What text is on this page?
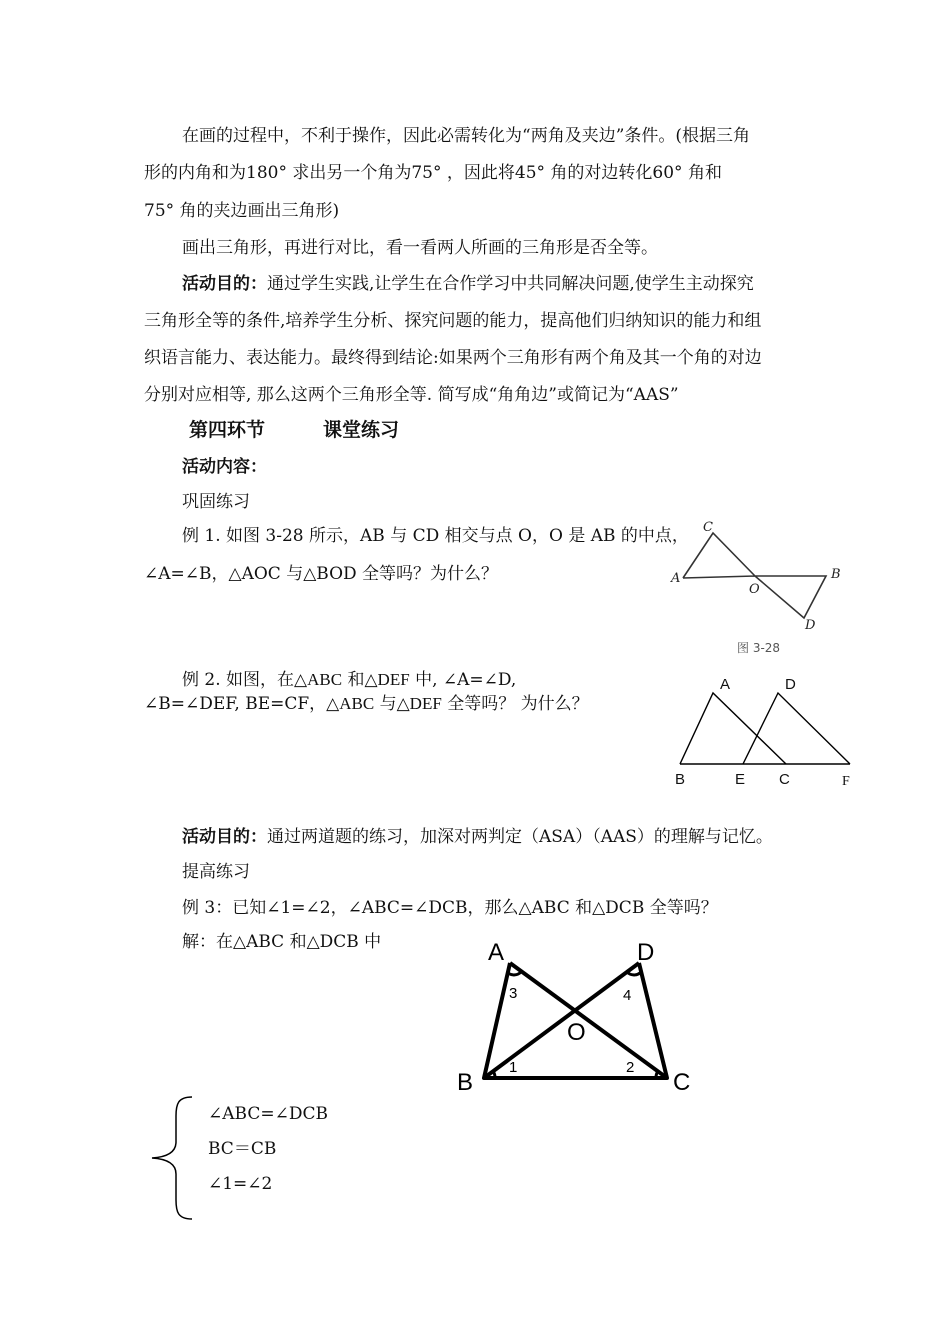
在画的过程中，不利于操作，因此必需转化为“两角及夹边”条件。(根据三角
形的内角和为180° 求出另一个角为75° ，因此将45° 角的对边转化60° 角和
75° 角的夹边画出三角形)
画出三角形，再进行对比，看一看两人所画的三角形是否全等。
活动目的：通过学生实践,让学生在合作学习中共同解决问题,使学生主动探究
三角形全等的条件,培养学生分析、探究问题的能力，提高他们归纳知识的能力和组
织语言能力、表达能力。最终得到结论:如果两个三角形有两个角及其一个角的对边
分别对应相等, 那么这两个三角形全等. 简写成“角角边”或简记为“AAS”
第四环节	课堂练习
活动内容：
巩固练习
例 1. 如图 3-28 所示，AB 与 CD 相交与点 O，O 是 AB 的中点，
∠A=∠B，△AOC 与△BOD 全等吗？为什么？
C
A
O
B
D
图 3-28
例 2. 如图，在△ABC 和△DEF 中, ∠A=∠D,
∠B=∠DEF, BE=CF，△ABC 与△DEF 全等吗？ 为什么？
A	D
B	E C	F
活动目的：通过两道题的练习，加深对两判定（ASA）（AAS）的理解与记忆。
提高练习
例 3：已知∠1=∠2，∠ABC=∠DCB，那么△ABC 和△DCB 全等吗？
解：在△ABC 和△DCB 中	A	D
B	C
O
3	4
1	2
∠ABC=∠DCB
BC＝CB
∠1=∠2
